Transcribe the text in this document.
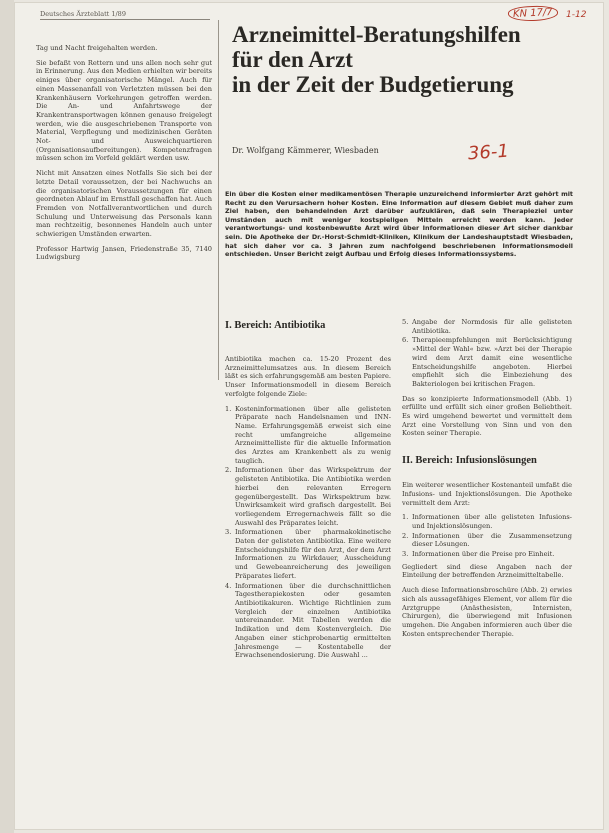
Deutsches Ärzteblatt 1/89	KN 17/7	1-12
36-1

Tag und Nacht freigehalten werden.

Sie befaßt von Rettern und uns allen noch sehr gut in Erinnerung. Aus den Medien erhielten wir bereits einiges über organisatorische Mängel. Auch für einen Massenanfall von Verletzten müssen bei den Krankenhäusern Vorkehrungen getroffen werden. Die An- und Anfahrtswege der Krankentransportwagen können genauso freigelegt werden, wie die ausgeschriebenen Transporte von Material, Verpflegung und medizinischen Geräten Not- und Ausweichquartieren (Organisationsaufbereitungen). Kompetenzfragen müssen schon im Vorfeld geklärt werden usw.

Nicht mit Ansatzen eines Notfalls Sie sich bei der letzte Detail voraussetzen, der bei Nachwuchs an die organisatorischen Voraussetzungen für einen geordneten Ablauf im Ernstfall geschaffen hat. Auch Fremden von Notfallverantwortlichen und durch Schulung und Unterweisung das Personals kann man rechtzeitig, besonnenes Handeln auch unter schwierigen Umständen erwarten.

Professor Hartwig Jansen, Friedenstraße 35, 7140 Ludwigsburg

Arzneimittel-Beratungshilfen
für den Arzt
in der Zeit der Budgetierung
Dr. Wolfgang Kämmerer, Wiesbaden
Ein über die Kosten einer medikamentösen Therapie unzureichend informierter Arzt gehört mit Recht zu den Verursachern hoher Kosten. Eine Information auf diesem Gebiet muß daher zum Ziel haben, den behandelnden Arzt darüber aufzuklären, daß sein Therapieziel unter Umständen auch mit weniger kostspieligen Mitteln erreicht werden kann. Jeder verantwortungs- und kostenbewußte Arzt wird über Informationen dieser Art sicher dankbar sein. Die Apotheke der Dr.-Horst-Schmidt-Kliniken, Klinikum der Landeshauptstadt Wiesbaden, hat sich daher vor ca. 3 Jahren zum nachfolgend beschriebenen Informationsmodell entschieden. Unser Bericht zeigt Aufbau und Erfolg dieses Informationssystems.
I. Bereich: Antibiotika

Antibiotika machen ca. 15-20 Prozent des Arzneimittelumsatzes aus. In diesem Bereich läßt es sich erfahrungsgemäß am besten Papiere. Unser Informationsmodell in diesem Bereich verfolgte folgende Ziele:

1. Kosteninformationen über alle gelisteten Präparate nach Handelsnamen und INN-Name. Erfahrungsgemäß erweist sich eine recht umfangreiche allgemeine Arzneimittelliste für die aktuelle Information des Arztes am Krankenbett als zu wenig tauglich.
2. Informationen über das Wirkspektrum der gelisteten Antibiotika. Die Antibiotika werden hierbei den relevanten Erregern gegenübergestellt. Das Wirkspektrum bzw. Unwirksamkeit wird grafisch dargestellt. Bei vorliegendem Erregernachweis fällt so die Auswahl des Präparates leicht.
3. Informationen über pharmakokinetische Daten der gelisteten Antibiotika. Eine weitere Entscheidungshilfe für den Arzt, der dem Arzt Informationen zu Wirkdauer, Ausscheidung und Gewebeanreicherung des jeweiligen Präparates liefert.
4. Informationen über die durchschnittlichen Tagestherapiekosten oder gesamten Antibiotikakuren. Wichtige Richtlinien zum Vergleich der einzelnen Antibiotika untereinander. Mit Tabellen werden die Indikation und dem Kostenvergleich. Die Angaben einer stichprobenartig ermittelten Jahresmenge — Kostentabelle der Erwachsenendosierung. Die Auswahl ...
5. Angabe der Normdosis für alle gelisteten Antibiotika.
6. Therapieempfehlungen mit Berücksichtigung »Mittel der Wahl« bzw. »Arzt bei der Therapie wird dem Arzt damit eine wesentliche Entscheidungshilfe angeboten. Hierbei empfiehlt sich die Einbeziehung des Bakteriologen bei kritischen Fragen.

Das so konzipierte Informationsmodell (Abb. 1) erfüllte und erfüllt sich einer großen Beliebtheit. Es wird umgehend bewertet und vermittelt dem Arzt eine Vorstellung von Sinn und von den Kosten seiner Therapie.

II. Bereich: Infusionslösungen

Ein weiterer wesentlicher Kostenanteil umfaßt die Infusions- und Injektionslösungen. Die Apotheke vermittelt dem Arzt:

1. Informationen über alle gelisteten Infusions- und Injektionslösungen.
2. Informationen über die Zusammensetzung dieser Lösungen.
3. Informationen über die Preise pro Einheit.

Gegliedert sind diese Angaben nach der Einteilung der betreffenden Arzneimitteltabelle.

Auch diese Informationsbroschüre (Abb. 2) erwies sich als aussagefähiges Element, vor allem für die Arztgruppe (Anästhesisten, Internisten, Chirurgen), die überwiegend mit Infusionen umgehen. Die Angaben informieren auch über die Kosten entsprechender Therapie.
